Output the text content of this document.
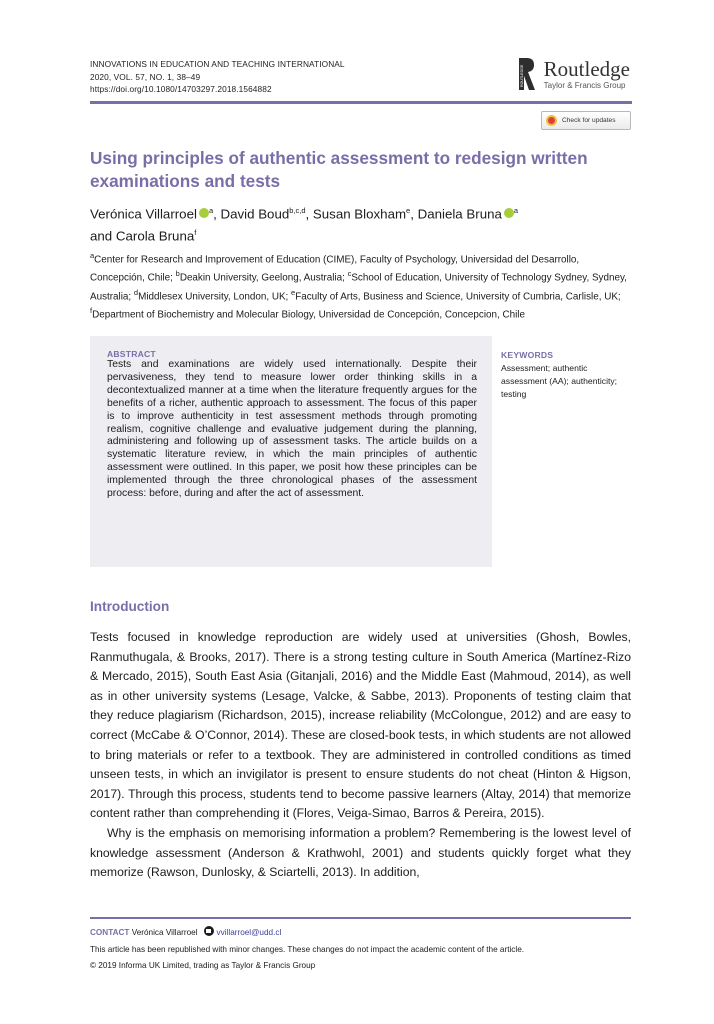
INNOVATIONS IN EDUCATION AND TEACHING INTERNATIONAL
2020, VOL. 57, NO. 1, 38–49
https://doi.org/10.1080/14703297.2018.1564882
ROUTLEDGE Routledge
Taylor & Francis Group
Check for updates
Using principles of authentic assessment to redesign written examinations and tests
Verónica Villarroel $^a$, David Boud$^{b,c,d}$, Susan Bloxham$^e$, Daniela Bruna $^a$
and Carola Bruna$^f$
$^a$Center for Research and Improvement of Education (CIME), Faculty of Psychology, Universidad del Desarrollo, Concepción, Chile; $^b$Deakin University, Geelong, Australia; $^c$School of Education, University of Technology Sydney, Sydney, Australia; $^d$Middlesex University, London, UK; $^e$Faculty of Arts, Business and Science, University of Cumbria, Carlisle, UK; $^f$Department of Biochemistry and Molecular Biology, Universidad de Concepción, Concepcion, Chile
ABSTRACT

Tests and examinations are widely used internationally. Despite their pervasiveness, they tend to measure lower order thinking skills in a decontextualized manner at a time when the literature frequently argues for the benefits of a richer, authentic approach to assessment. The focus of this paper is to improve authenticity in test assessment methods through promoting realism, cognitive challenge and evaluative judgement during the planning, administering and following up of assessment tasks. The article builds on a systematic literature review, in which the main principles of authentic assessment were outlined. In this paper, we posit how these principles can be implemented through the three chronological phases of the assessment process: before, during and after the act of assessment.

KEYWORDS
Assessment; authentic assessment (AA); authenticity; testing
Introduction

Tests focused in knowledge reproduction are widely used at universities (Ghosh, Bowles, Ranmuthugala, & Brooks, 2017). There is a strong testing culture in South America (Martínez-Rizo & Mercado, 2015), South East Asia (Gitanjali, 2016) and the Middle East (Mahmoud, 2014), as well as in other university systems (Lesage, Valcke, & Sabbe, 2013). Proponents of testing claim that they reduce plagiarism (Richardson, 2015), increase reliability (McColongue, 2012) and are easy to correct (McCabe & O’Connor, 2014). These are closed-book tests, in which students are not allowed to bring materials or refer to a textbook. They are administered in controlled conditions as timed unseen tests, in which an invigilator is present to ensure students do not cheat (Hinton & Higson, 2017). Through this process, students tend to become passive learners (Altay, 2014) that memorize content rather than comprehending it (Flores, Veiga-Simao, Barros & Pereira, 2015).

Why is the emphasis on memorising information a problem? Remembering is the lowest level of knowledge assessment (Anderson & Krathwohl, 2001) and students quickly forget what they memorize (Rawson, Dunlosky, & Sciartelli, 2013). In addition,

CONTACT Verónica Villarroel vvillarroel@udd.cl
This article has been republished with minor changes. These changes do not impact the academic content of the article.
© 2019 Informa UK Limited, trading as Taylor & Francis Group
